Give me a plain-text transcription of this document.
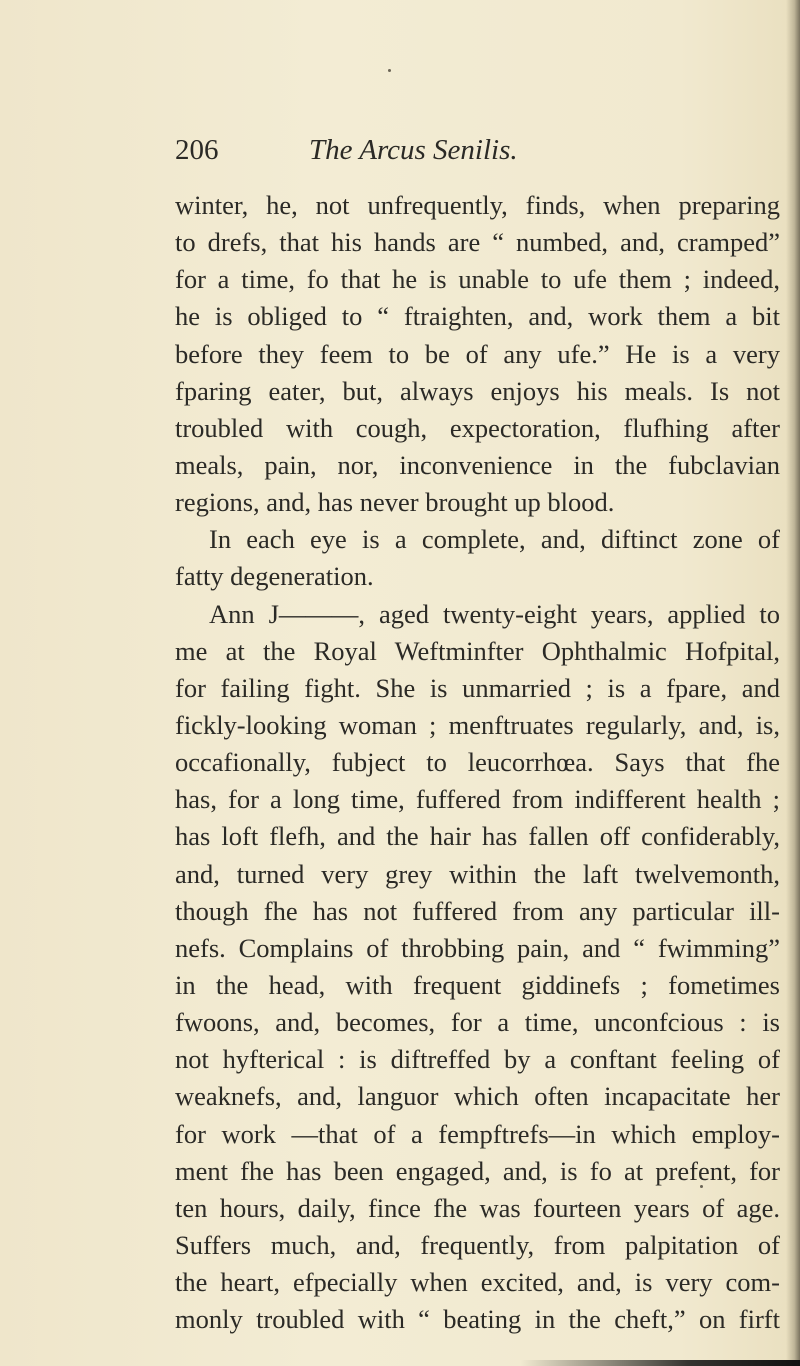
206	The Arcus Senilis.
winter, he, not unfrequently, finds, when preparing
to drefs, that his hands are “ numbed, and, cramped”
for a time, fo that he is unable to ufe them ; indeed,
he is obliged to “ ftraighten, and, work them a bit
before they feem to be of any ufe.” He is a very
fparing eater, but, always enjoys his meals. Is not
troubled with cough, expectoration, flufhing after
meals, pain, nor, inconvenience in the fubclavian
regions, and, has never brought up blood.
In each eye is a complete, and, diftinct zone of
fatty degeneration.
Ann J———, aged twenty-eight years, applied to
me at the Royal Weftminfter Ophthalmic Hofpital,
for failing fight. She is unmarried ; is a fpare, and
fickly-looking woman ; menftruates regularly, and, is,
occafionally, fubject to leucorrhœa. Says that fhe
has, for a long time, fuffered from indifferent health ;
has loft flefh, and the hair has fallen off confiderably,
and, turned very grey within the laft twelvemonth,
though fhe has not fuffered from any particular ill-
nefs. Complains of throbbing pain, and “ fwimming”
in the head, with frequent giddinefs ; fometimes
fwoons, and, becomes, for a time, unconfcious : is
not hyfterical : is diftreffed by a conftant feeling of
weaknefs, and, languor which often incapacitate her
for work —that of a fempftrefs—in which employ-
ment fhe has been engaged, and, is fo at prefent, for
ten hours, daily, fince fhe was fourteen years of age.
Suffers much, and, frequently, from palpitation of
the heart, efpecially when excited, and, is very com-
monly troubled with “ beating in the cheft,” on firft
